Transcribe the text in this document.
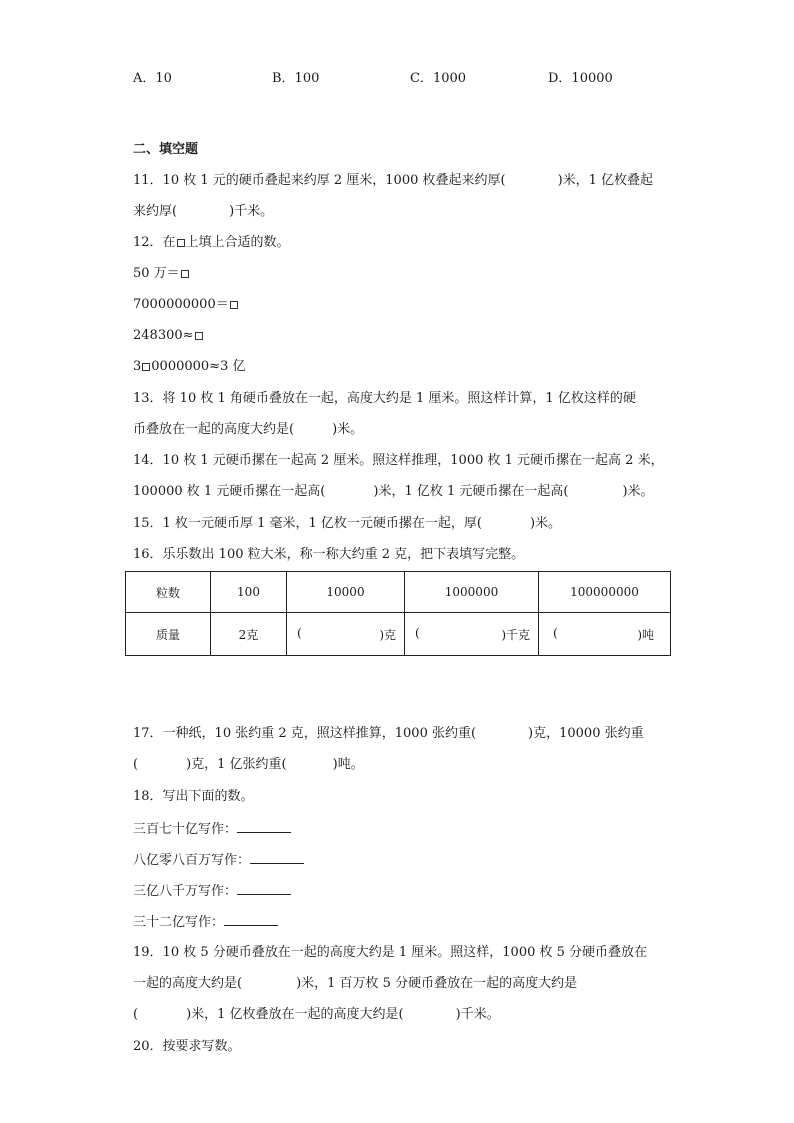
A．10	B．100	C．1000	D．10000
二、填空题
11．10 枚 1 元的硬币叠起来约厚 2 厘米，1000 枚叠起来约厚(	)米，1 亿枚叠起
来约厚(	)千米。
12．在 上填上合适的数。
50 万＝
7000000000＝
248300≈
3 0000000≈3 亿
13．将 10 枚 1 角硬币叠放在一起，高度大约是 1 厘米。照这样计算，1 亿枚这样的硬
币叠放在一起的高度大约是(	)米。
14．10 枚 1 元硬币摞在一起高 2 厘米。照这样推理，1000 枚 1 元硬币摞在一起高 2 米，
100000 枚 1 元硬币摞在一起高(	)米，1 亿枚 1 元硬币摞在一起高(	)米。
15．1 枚一元硬币厚 1 毫米，1 亿枚一元硬币摞在一起，厚(	)米。
16．乐乐数出 100 粒大米，称一称大约重 2 克，把下表填写完整。
粒数	100	10000	1000000	100000000
质量	2克	( )克	( )千克	( )吨
17．一种纸，10 张约重 2 克，照这样推算，1000 张约重(	)克，10000 张约重
(	)克，1 亿张约重(	)吨。
18．写出下面的数。
三百七十亿写作：
八亿零八百万写作：
三亿八千万写作：
三十二亿写作：
19．10 枚 5 分硬币叠放在一起的高度大约是 1 厘米。照这样，1000 枚 5 分硬币叠放在
一起的高度大约是(	)米，1 百万枚 5 分硬币叠放在一起的高度大约是
(	)米，1 亿枚叠放在一起的高度大约是(	)千米。
20．按要求写数。
